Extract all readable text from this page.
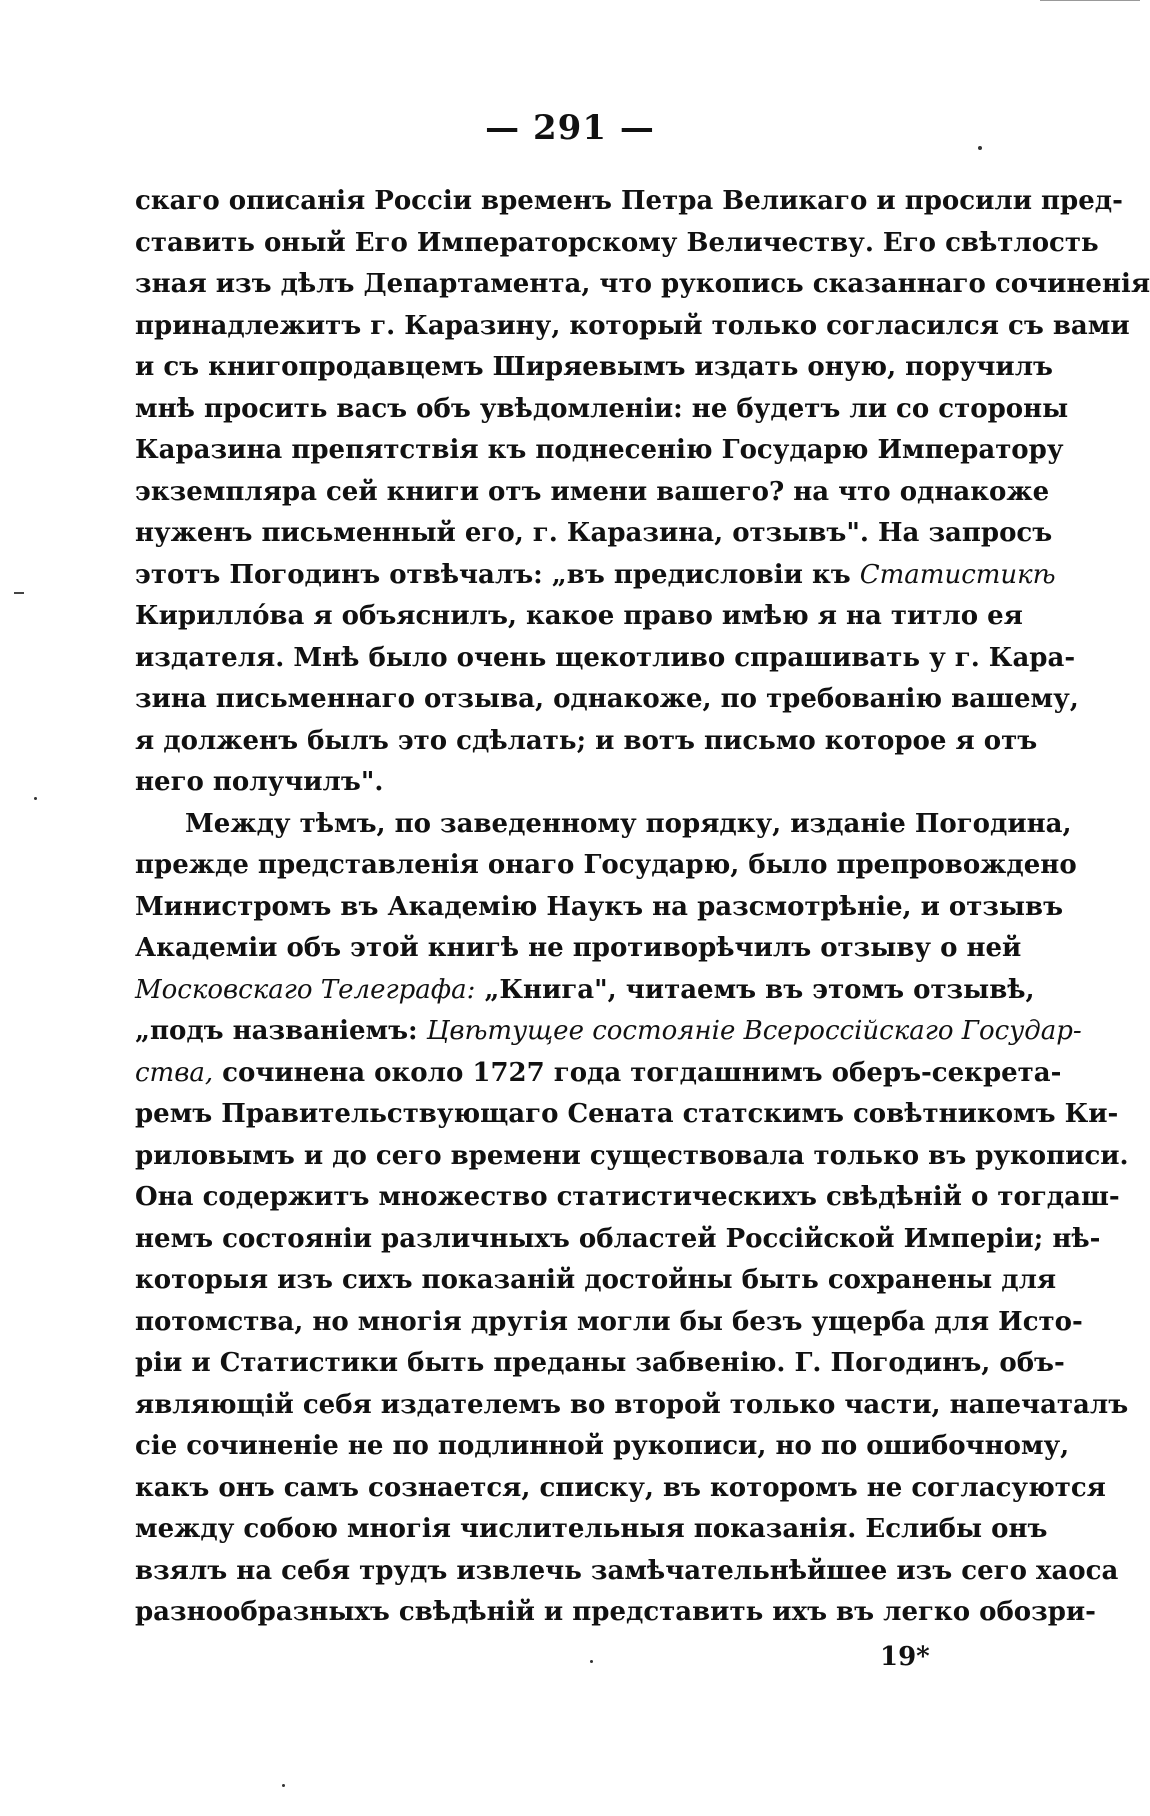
— 291 —
скаго описанія Россіи временъ Петра Великаго и просили пред-
ставить оный Его Императорскому Величеству. Его свѣтлость
зная изъ дѣлъ Департамента, что рукопись сказаннаго сочиненія
принадлежитъ г. Каразину, который только согласился съ вами
и съ книгопродавцемъ Ширяевымъ издать оную, поручилъ
мнѣ просить васъ объ увѣдомленіи: не будетъ ли со стороны
Каразина препятствія къ поднесенію Государю Императору
экземпляра сей книги отъ имени вашего? на что однакоже
нуженъ письменный его, г. Каразина, отзывъ". На запросъ
этотъ Погодинъ отвѣчалъ: „въ предисловіи къ Статистикѣ
Кириллóва я объяснилъ, какое право имѣю я на титло ея
издателя. Мнѣ было очень щекотливо спрашивать у г. Кара-
зина письменнаго отзыва, однакоже, по требованію вашему,
я долженъ былъ это сдѣлать; и вотъ письмо которое я отъ
него получилъ".
Между тѣмъ, по заведенному порядку, изданіе Погодина,
прежде представленія онаго Государю, было препровождено
Министромъ въ Академію Наукъ на разсмотрѣніе, и отзывъ
Академіи объ этой книгѣ не противорѣчилъ отзыву о ней
Московскаго Телеграфа: „Книга", читаемъ въ этомъ отзывѣ,
„подъ названіемъ: Цвѣтущее состояніе Всероссійскаго Государ-
ства, сочинена около 1727 года тогдашнимъ оберъ-секрета-
ремъ Правительствующаго Сената статскимъ совѣтникомъ Ки-
риловымъ и до сего времени существовала только въ рукописи.
Она содержитъ множество статистическихъ свѣдѣній о тогдаш-
немъ состояніи различныхъ областей Россійской Имперіи; нѣ-
которыя изъ сихъ показаній достойны быть сохранены для
потомства, но многія другія могли бы безъ ущерба для Исто-
ріи и Статистики быть преданы забвенію. Г. Погодинъ, объ-
являющій себя издателемъ во второй только части, напечаталъ
сіе сочиненіе не по подлинной рукописи, но по ошибочному,
какъ онъ самъ сознается, списку, въ которомъ не согласуются
между собою многія числительныя показанія. Еслибы онъ
взялъ на себя трудъ извлечь замѣчательнѣйшее изъ сего хаоса
разнообразныхъ свѣдѣній и представить ихъ въ легко обозри-
19*
